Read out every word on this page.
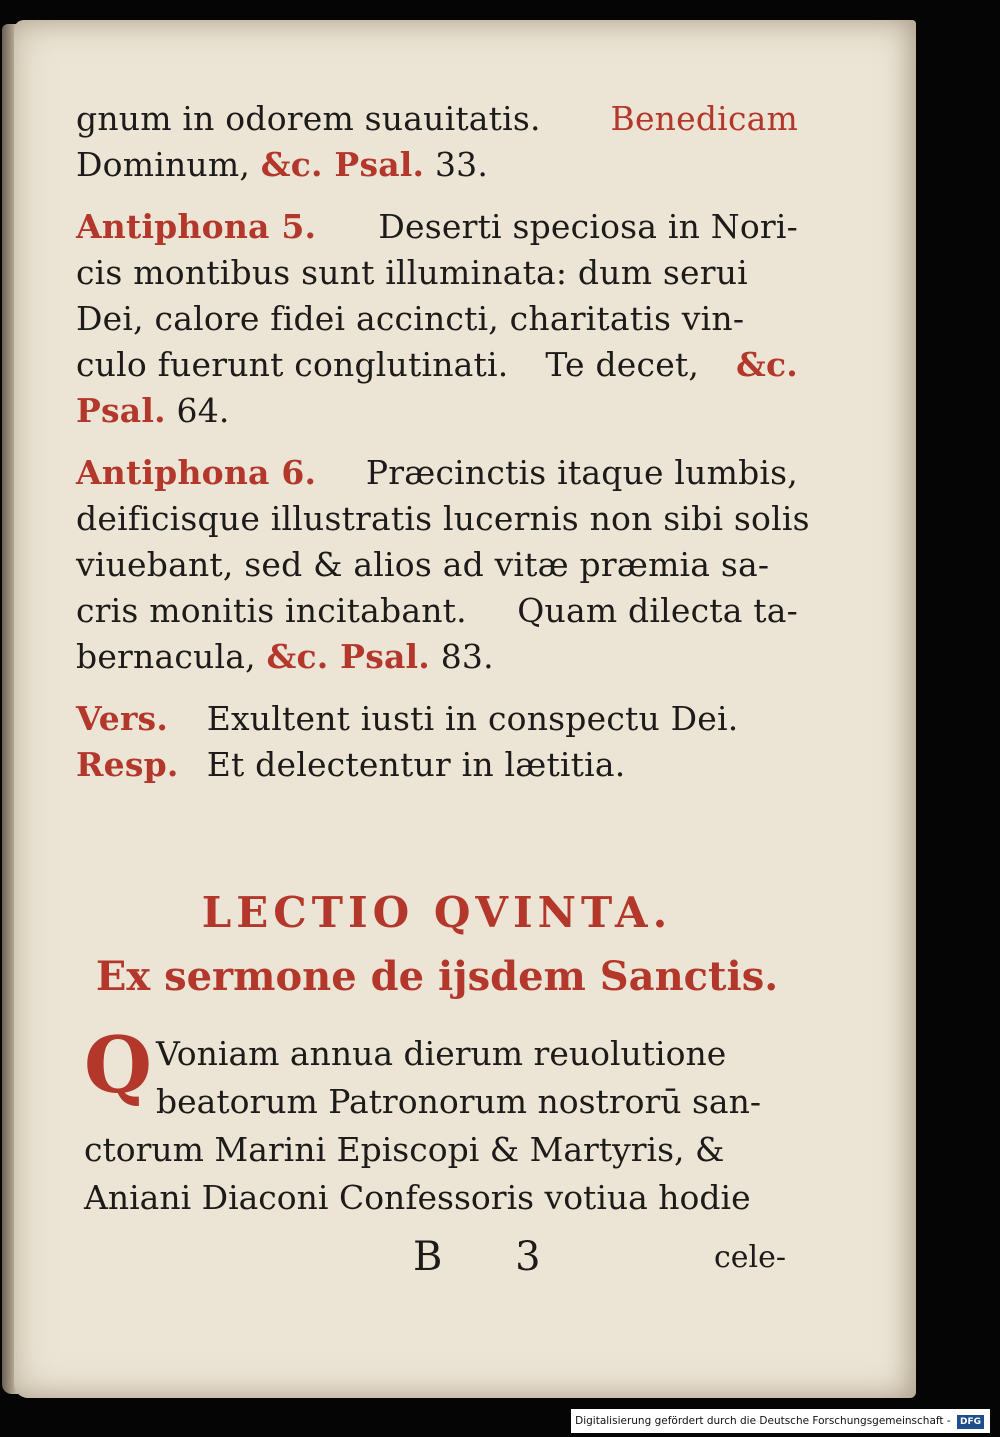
gnum in odorem suauitatis. Benedicam
Dominum, &c. Psal. 33.
Antiphona 5. Deserti speciosa in Nori-
cis montibus sunt illuminata: dum serui
Dei, calore fidei accincti, charitatis vin-
culo fuerunt conglutinati. Te decet, &c.
Psal. 64.
Antiphona 6. Præcinctis itaque lumbis,
deificisque illustratis lucernis non sibi solis
viuebant, sed & alios ad vitæ præmia sa-
cris monitis incitabant. Quam dilecta ta-
bernacula, &c. Psal. 83.
Vers. Exultent iusti in conspectu Dei.
Resp. Et delectentur in lætitia.
LECTIO QVINTA.
Ex sermone de ijsdem Sanctis.
Q Voniam annua dierum reuolutione
beatorum Patronorum nostrorū san-
ctorum Marini Episcopi & Martyris, &
Aniani Diaconi Confessoris votiua hodie
B 3	cele-
Digitalisierung gefördert durch die Deutsche Forschungsgemeinschaft - DFG
